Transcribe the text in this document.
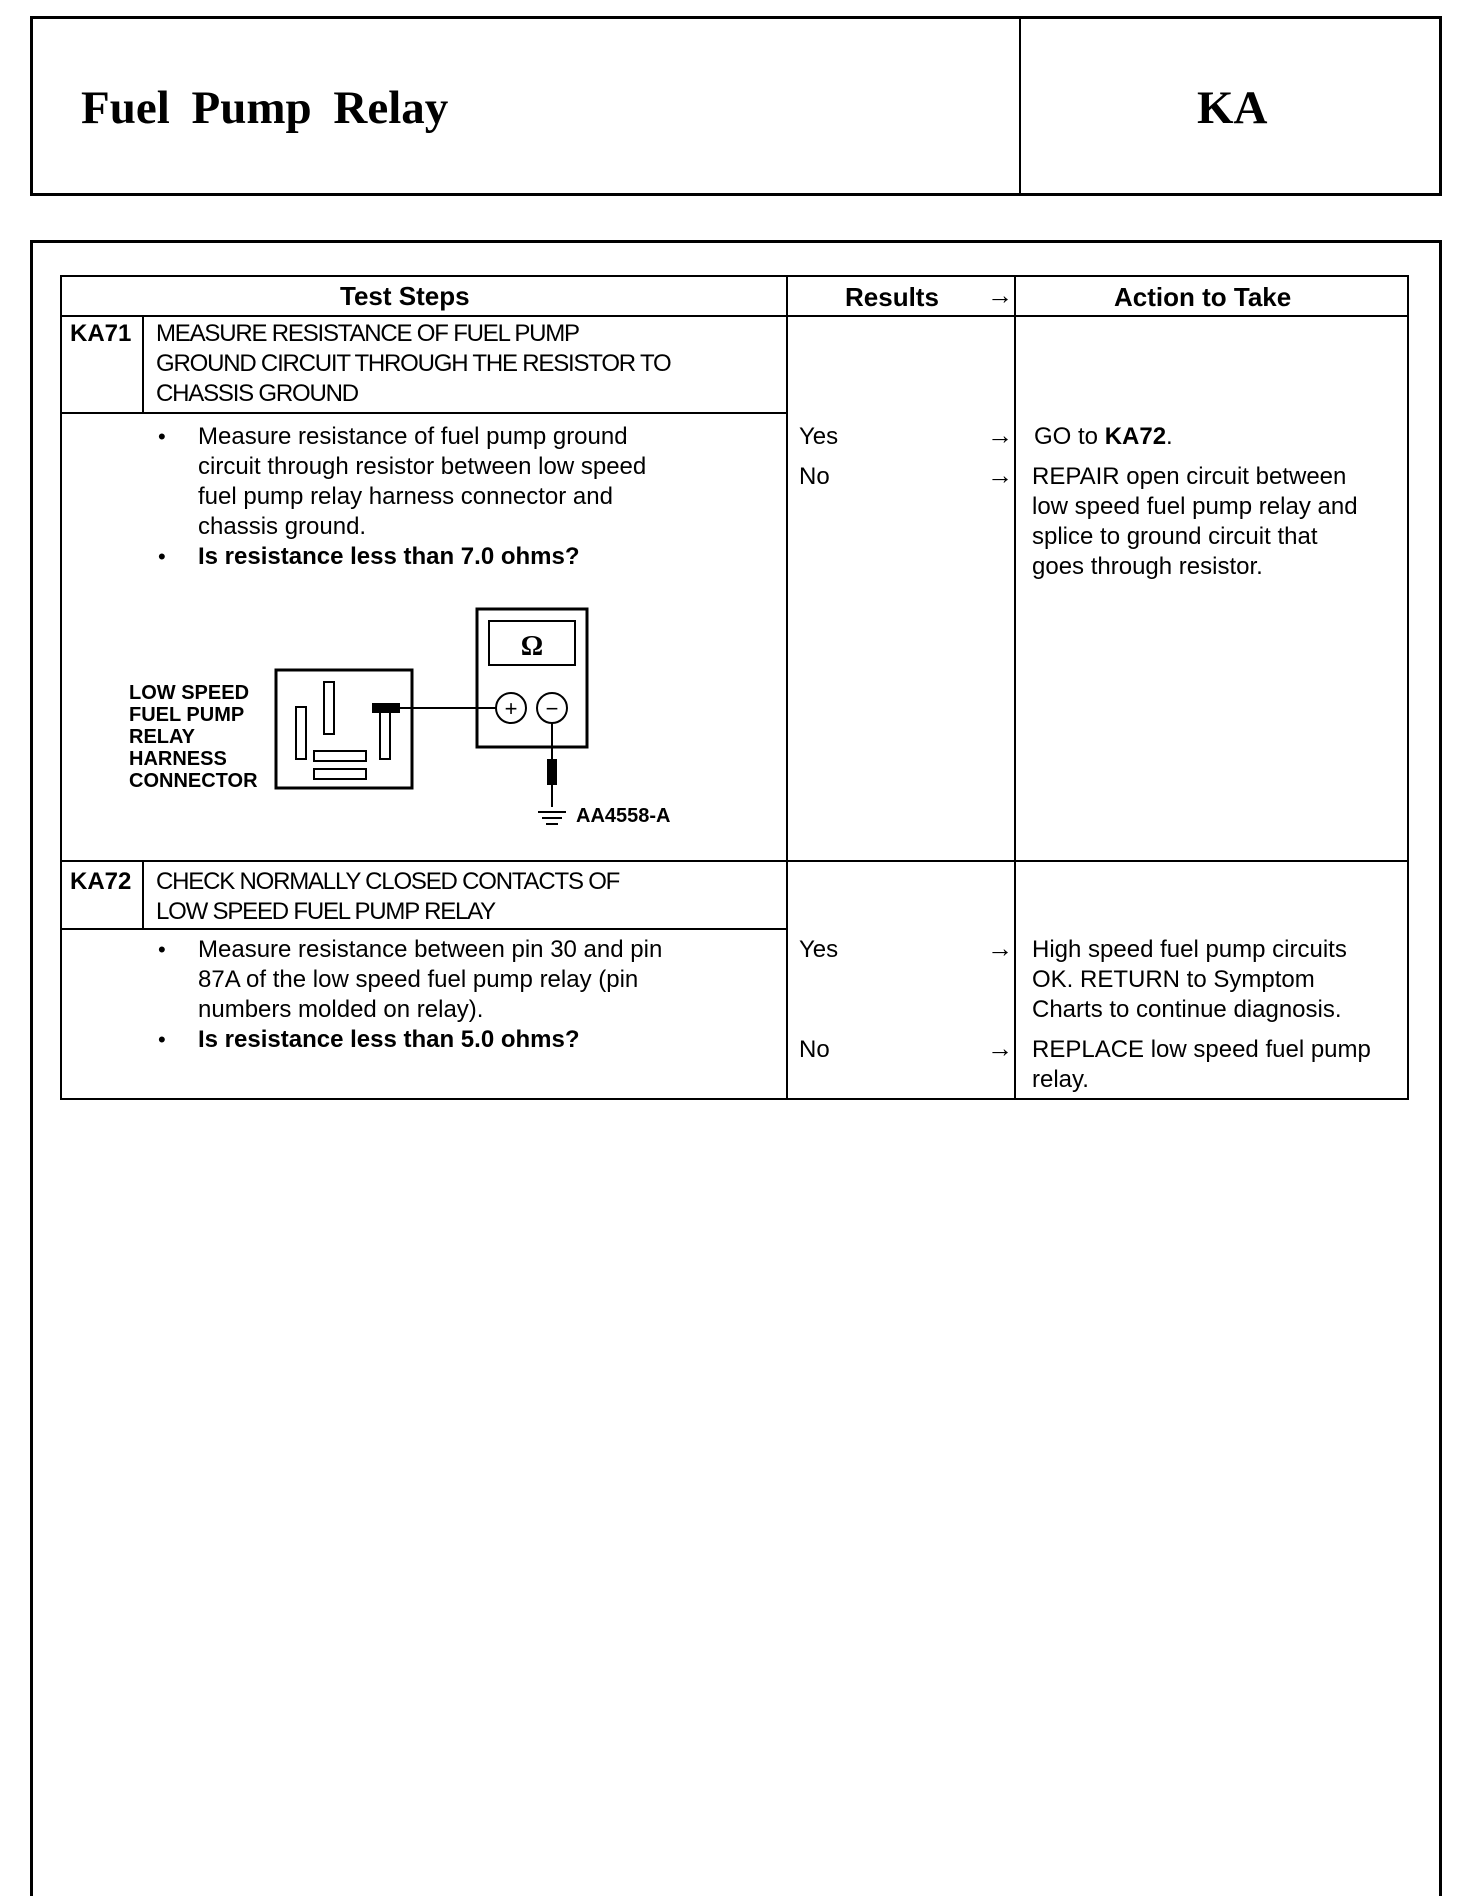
Fuel Pump Relay	KA
Test Steps	Results →	Action to Take
KA71 MEASURE RESISTANCE OF FUEL PUMP
GROUND CIRCUIT THROUGH THE RESISTOR TO
CHASSIS GROUND
• Measure resistance of fuel pump ground
circuit through resistor between low speed
fuel pump relay harness connector and
chassis ground.
• Is resistance less than 7.0 ohms?
Yes	→ GO to KA72.
No	→ REPAIR open circuit between
low speed fuel pump relay and
splice to ground circuit that
goes through resistor.
LOW SPEED
FUEL PUMP
RELAY
HARNESS
CONNECTOR
Ω
+ −
AA4558-A
KA72 CHECK NORMALLY CLOSED CONTACTS OF
LOW SPEED FUEL PUMP RELAY
• Measure resistance between pin 30 and pin
87A of the low speed fuel pump relay (pin
numbers molded on relay).
• Is resistance less than 5.0 ohms?
Yes	→ High speed fuel pump circuits
OK. RETURN to Symptom
Charts to continue diagnosis.
No	→ REPLACE low speed fuel pump
relay.
